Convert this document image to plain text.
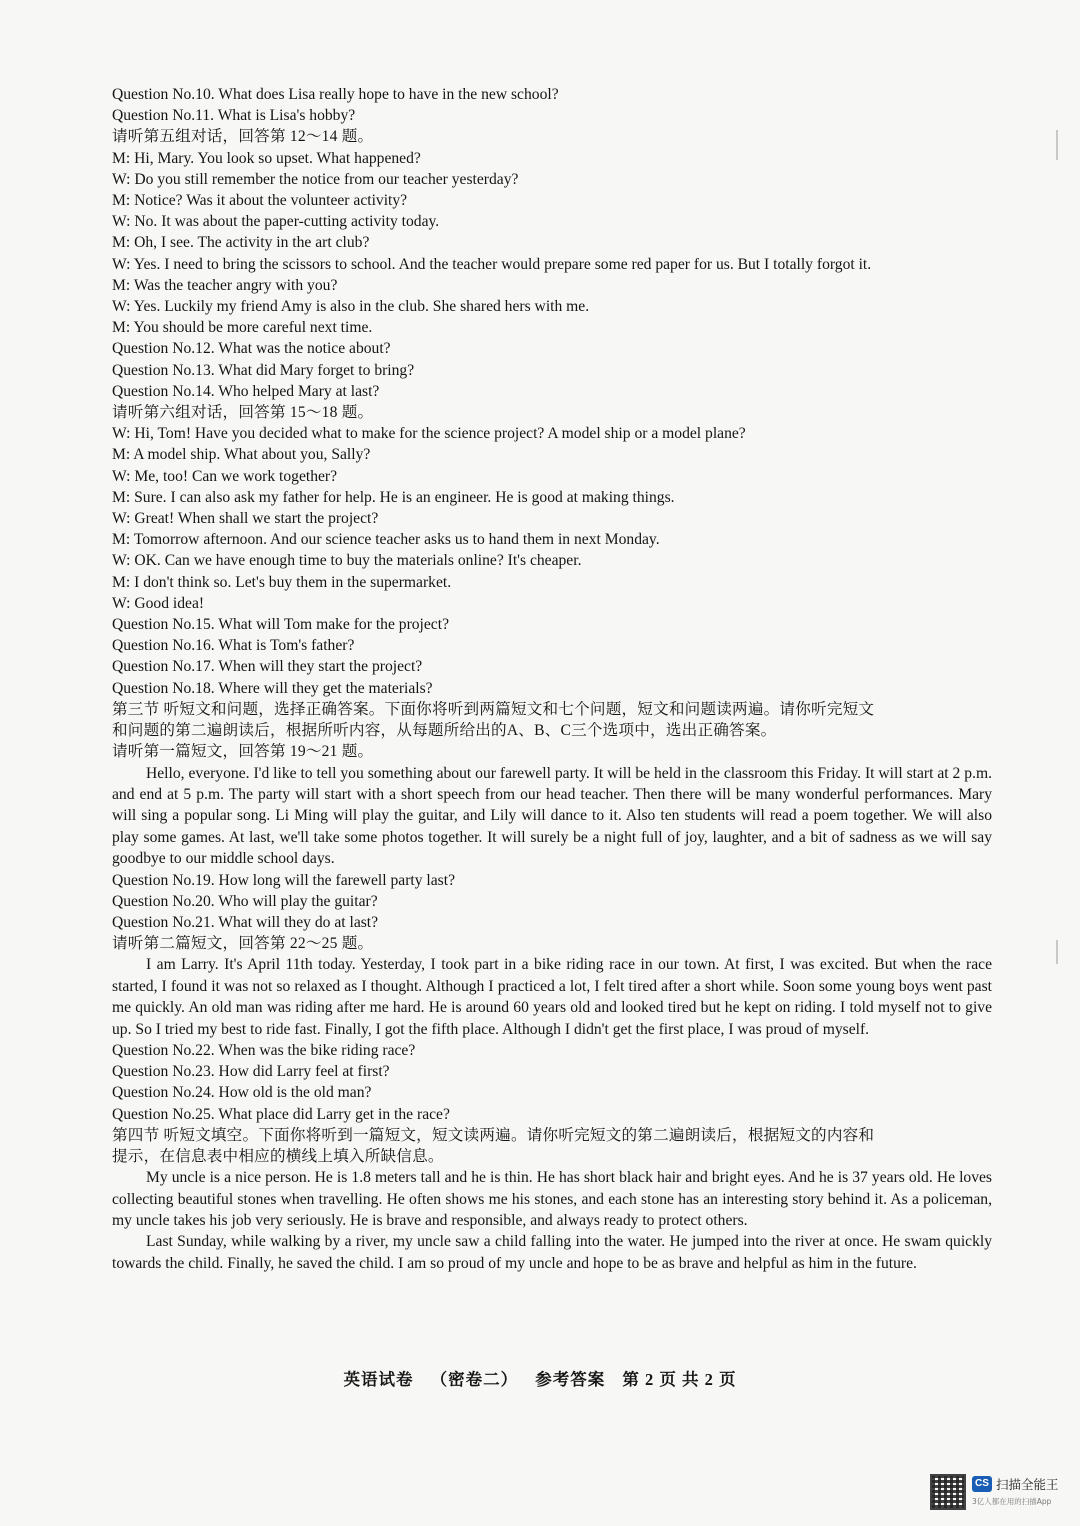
Question No.10. What does Lisa really hope to have in the new school?
Question No.11. What is Lisa's hobby?
请听第五组对话，回答第 12～14 题。
M: Hi, Mary. You look so upset. What happened?
W: Do you still remember the notice from our teacher yesterday?
M: Notice? Was it about the volunteer activity?
W: No. It was about the paper-cutting activity today.
M: Oh, I see. The activity in the art club?
W: Yes. I need to bring the scissors to school. And the teacher would prepare some red paper for us. But I totally forgot it.
M: Was the teacher angry with you?
W: Yes. Luckily my friend Amy is also in the club. She shared hers with me.
M: You should be more careful next time.
Question No.12. What was the notice about?
Question No.13. What did Mary forget to bring?
Question No.14. Who helped Mary at last?
请听第六组对话，回答第 15～18 题。
W: Hi, Tom! Have you decided what to make for the science project? A model ship or a model plane?
M: A model ship. What about you, Sally?
W: Me, too! Can we work together?
M: Sure. I can also ask my father for help. He is an engineer. He is good at making things.
W: Great! When shall we start the project?
M: Tomorrow afternoon. And our science teacher asks us to hand them in next Monday.
W: OK. Can we have enough time to buy the materials online? It's cheaper.
M: I don't think so. Let's buy them in the supermarket.
W: Good idea!
Question No.15. What will Tom make for the project?
Question No.16. What is Tom's father?
Question No.17. When will they start the project?
Question No.18. Where will they get the materials?
第三节 听短文和问题，选择正确答案。下面你将听到两篇短文和七个问题，短文和问题读两遍。请你听完短文
和问题的第二遍朗读后，根据所听内容，从每题所给出的A、B、C三个选项中，选出正确答案。
请听第一篇短文，回答第 19～21 题。

Hello, everyone. I'd like to tell you something about our farewell party. It will be held in the classroom this Friday. It will start at 2 p.m. and end at 5 p.m. The party will start with a short speech from our head teacher. Then there will be many wonderful performances. Mary will sing a popular song. Li Ming will play the guitar, and Lily will dance to it. Also ten students will read a poem together. We will also play some games. At last, we'll take some photos together. It will surely be a night full of joy, laughter, and a bit of sadness as we will say goodbye to our middle school days.

Question No.19. How long will the farewell party last?
Question No.20. Who will play the guitar?
Question No.21. What will they do at last?
请听第二篇短文，回答第 22～25 题。

I am Larry. It's April 11th today. Yesterday, I took part in a bike riding race in our town. At first, I was excited. But when the race started, I found it was not so relaxed as I thought. Although I practiced a lot, I felt tired after a short while. Soon some young boys went past me quickly. An old man was riding after me hard. He is around 60 years old and looked tired but he kept on riding. I told myself not to give up. So I tried my best to ride fast. Finally, I got the fifth place. Although I didn't get the first place, I was proud of myself.

Question No.22. When was the bike riding race?
Question No.23. How did Larry feel at first?
Question No.24. How old is the old man?
Question No.25. What place did Larry get in the race?
第四节 听短文填空。下面你将听到一篇短文，短文读两遍。请你听完短文的第二遍朗读后，根据短文的内容和
提示，在信息表中相应的横线上填入所缺信息。

My uncle is a nice person. He is 1.8 meters tall and he is thin. He has short black hair and bright eyes. And he is 37 years old. He loves collecting beautiful stones when travelling. He often shows me his stones, and each stone has an interesting story behind it. As a policeman, my uncle takes his job very seriously. He is brave and responsible, and always ready to protect others.

Last Sunday, while walking by a river, my uncle saw a child falling into the water. He jumped into the river at once. He swam quickly towards the child. Finally, he saved the child. I am so proud of my uncle and hope to be as brave and helpful as him in the future.

英语试卷 （密卷二） 参考答案 第 2 页 共 2 页
CS 扫描全能王
3亿人都在用的扫描App
